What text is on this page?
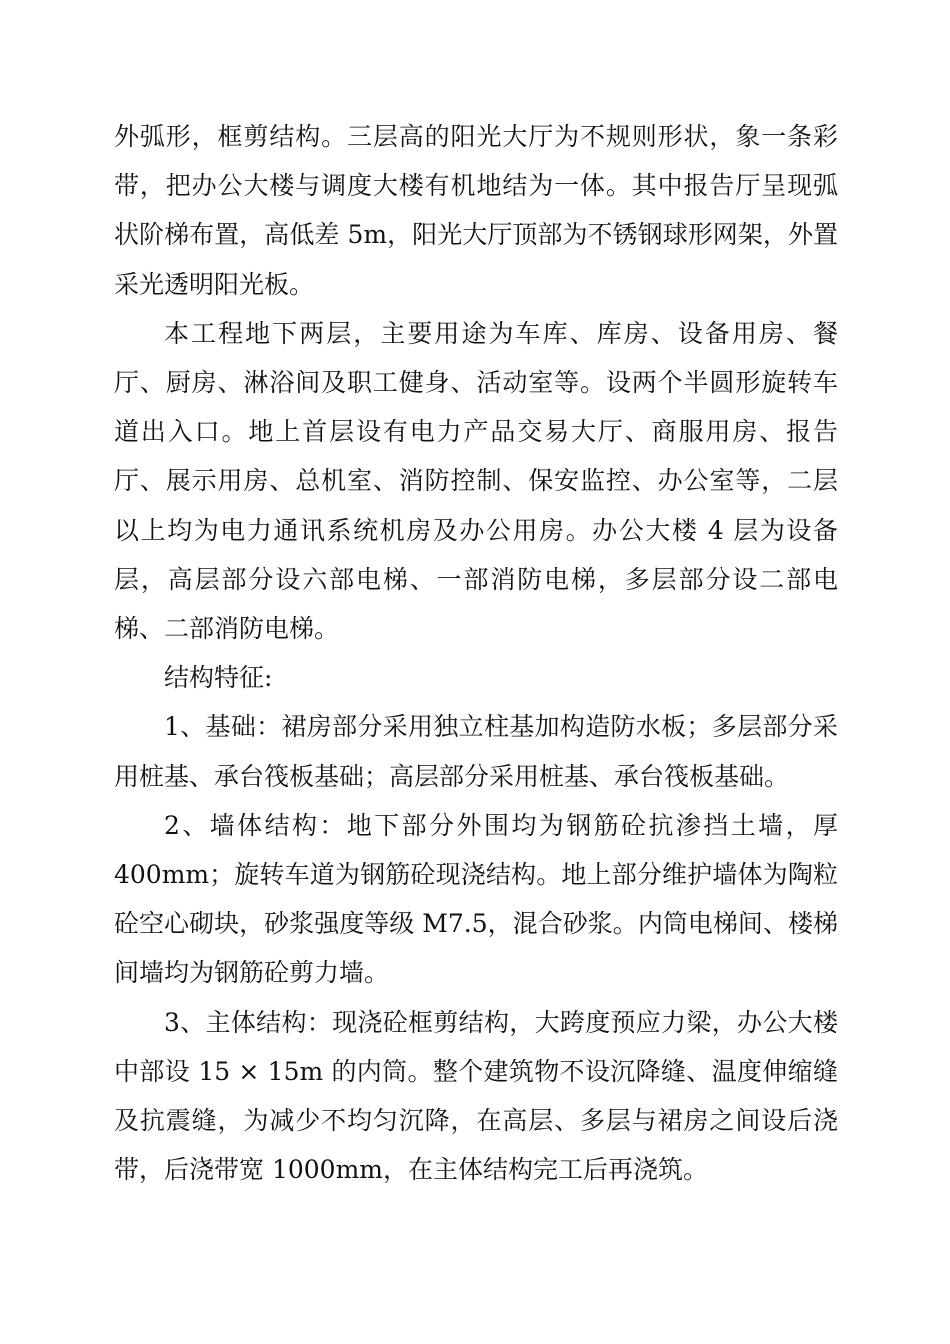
外弧形，框剪结构。三层高的阳光大厅为不规则形状，象一条彩带，把办公大楼与调度大楼有机地结为一体。其中报告厅呈现弧状阶梯布置，高低差 5m，阳光大厅顶部为不锈钢球形网架，外置采光透明阳光板。

本工程地下两层，主要用途为车库、库房、设备用房、餐厅、厨房、淋浴间及职工健身、活动室等。设两个半圆形旋转车道出入口。地上首层设有电力产品交易大厅、商服用房、报告厅、展示用房、总机室、消防控制、保安监控、办公室等，二层以上均为电力通讯系统机房及办公用房。办公大楼 4 层为设备层，高层部分设六部电梯、一部消防电梯，多层部分设二部电梯、二部消防电梯。

结构特征:

1、基础：裙房部分采用独立柱基加构造防水板；多层部分采用桩基、承台筏板基础；高层部分采用桩基、承台筏板基础。

2、墙体结构：地下部分外围均为钢筋砼抗渗挡土墙，厚 400mm；旋转车道为钢筋砼现浇结构。地上部分维护墙体为陶粒砼空心砌块，砂浆强度等级 M7.5，混合砂浆。内筒电梯间、楼梯间墙均为钢筋砼剪力墙。

3、主体结构：现浇砼框剪结构，大跨度预应力梁，办公大楼中部设 15 × 15m 的内筒。整个建筑物不设沉降缝、温度伸缩缝及抗震缝，为减少不均匀沉降，在高层、多层与裙房之间设后浇带，后浇带宽 1000mm，在主体结构完工后再浇筑。
